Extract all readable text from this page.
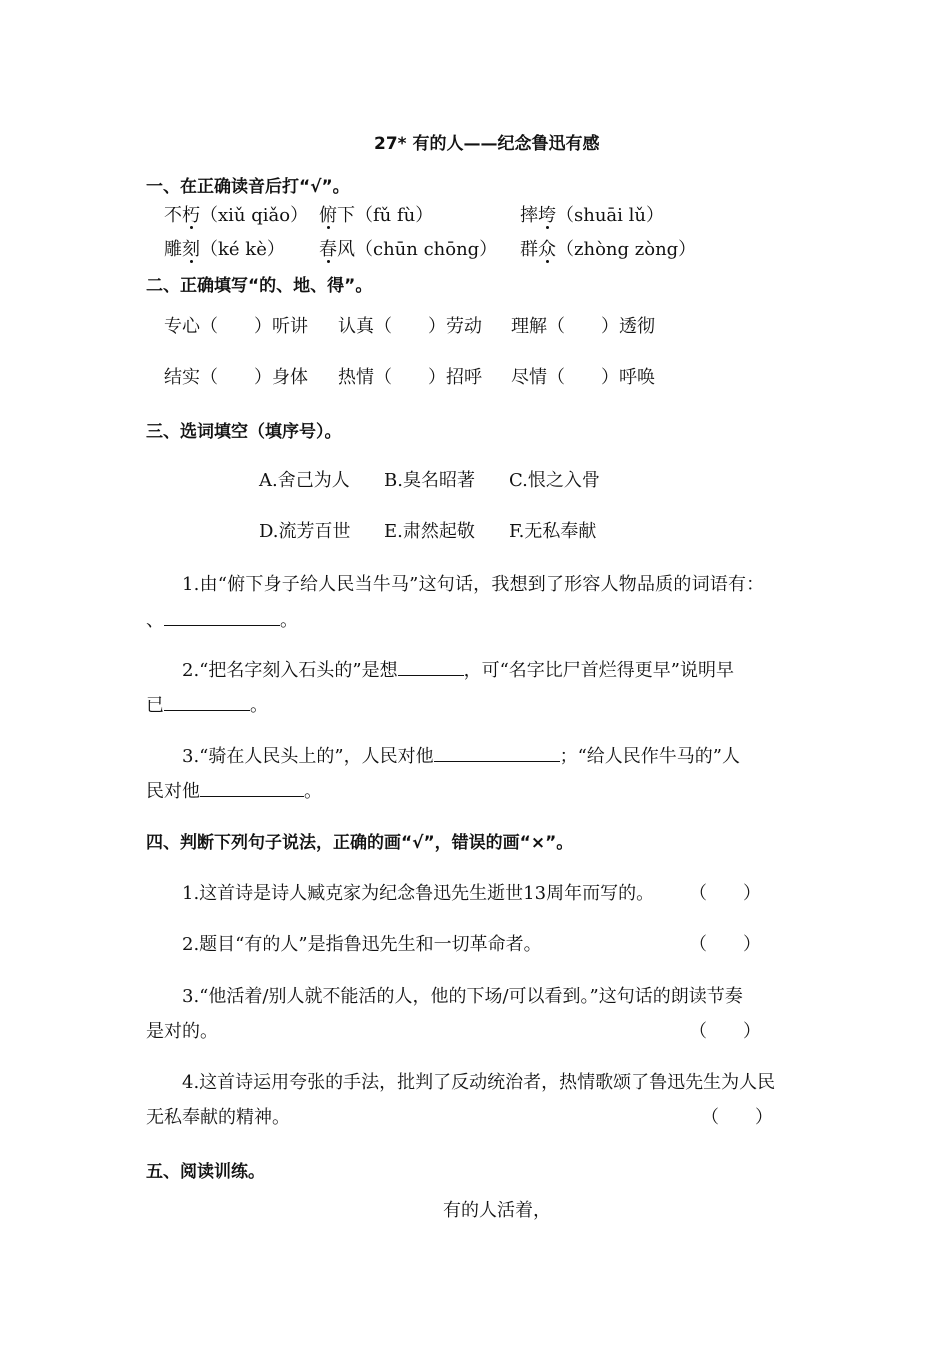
27* 有的人——纪念鲁迅有感
一、在正确读音后打“√”。
不朽（xiǔ qiǎo） 俯下（fǔ fù）	摔垮（shuāi lǔ）
雕刻（ké kè） 春风（chūn chōng） 群众（zhòng zòng）
二、正确填写“的、地、得”。
专心（　　）听讲 认真（　　）劳动 理解（　　）透彻
结实（　　）身体 热情（　　）招呼 尽情（　　）呼唤
三、选词填空（填序号）。
A.舍己为人 B.臭名昭著 C.恨之入骨
D.流芳百世 E.肃然起敬 F.无私奉献
1.由“俯下身子给人民当牛马”这句话，我想到了形容人物品质的词语有：
、	。
2.“把名字刻入石头的”是想	，可“名字比尸首烂得更早”说明早
已	。
3.“骑在人民头上的”，人民对他	；“给人民作牛马的”人
民对他	。
四、判断下列句子说法，正确的画“√”，错误的画“×”。
1.这首诗是诗人臧克家为纪念鲁迅先生逝世13周年而写的。 （　　）
2.题目“有的人”是指鲁迅先生和一切革命者。	（　　）
3.“他活着/别人就不能活的人，他的下场/可以看到。”这句话的朗读节奏
是对的。	（　　）
4.这首诗运用夸张的手法，批判了反动统治者，热情歌颂了鲁迅先生为人民
无私奉献的精神。	（　　）
五、阅读训练。
有的人活着，
